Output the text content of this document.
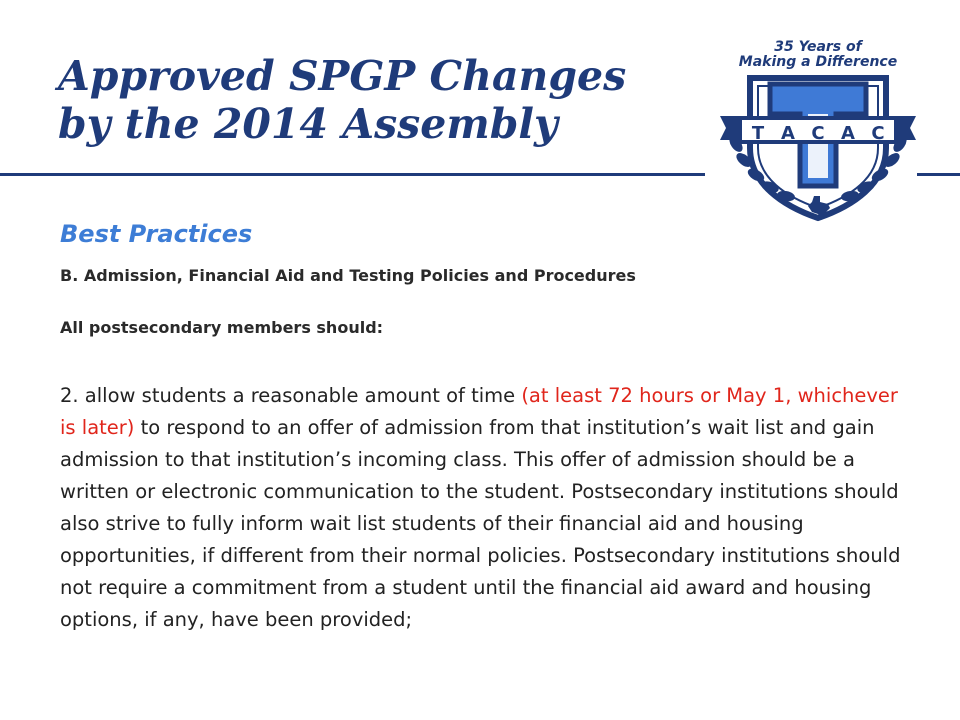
Approved SPGP Changes
by the 2014 Assembly
35 Years of
Making a Difference
T A C A C
Best Practices
B. Admission, Financial Aid and Testing Policies and Procedures
All postsecondary members should:

2. allow students a reasonable amount of time (at least 72 hours or May 1, whichever is later) to respond to an offer of admission from that institution’s wait list and gain admission to that institution’s incoming class. This offer of admission should be a written or electronic communication to the student. Postsecondary institutions should also strive to fully inform wait list students of their financial aid and housing opportunities, if different from their normal policies. Postsecondary institutions should not require a commitment from a student until the financial aid award and housing options, if any, have been provided;
